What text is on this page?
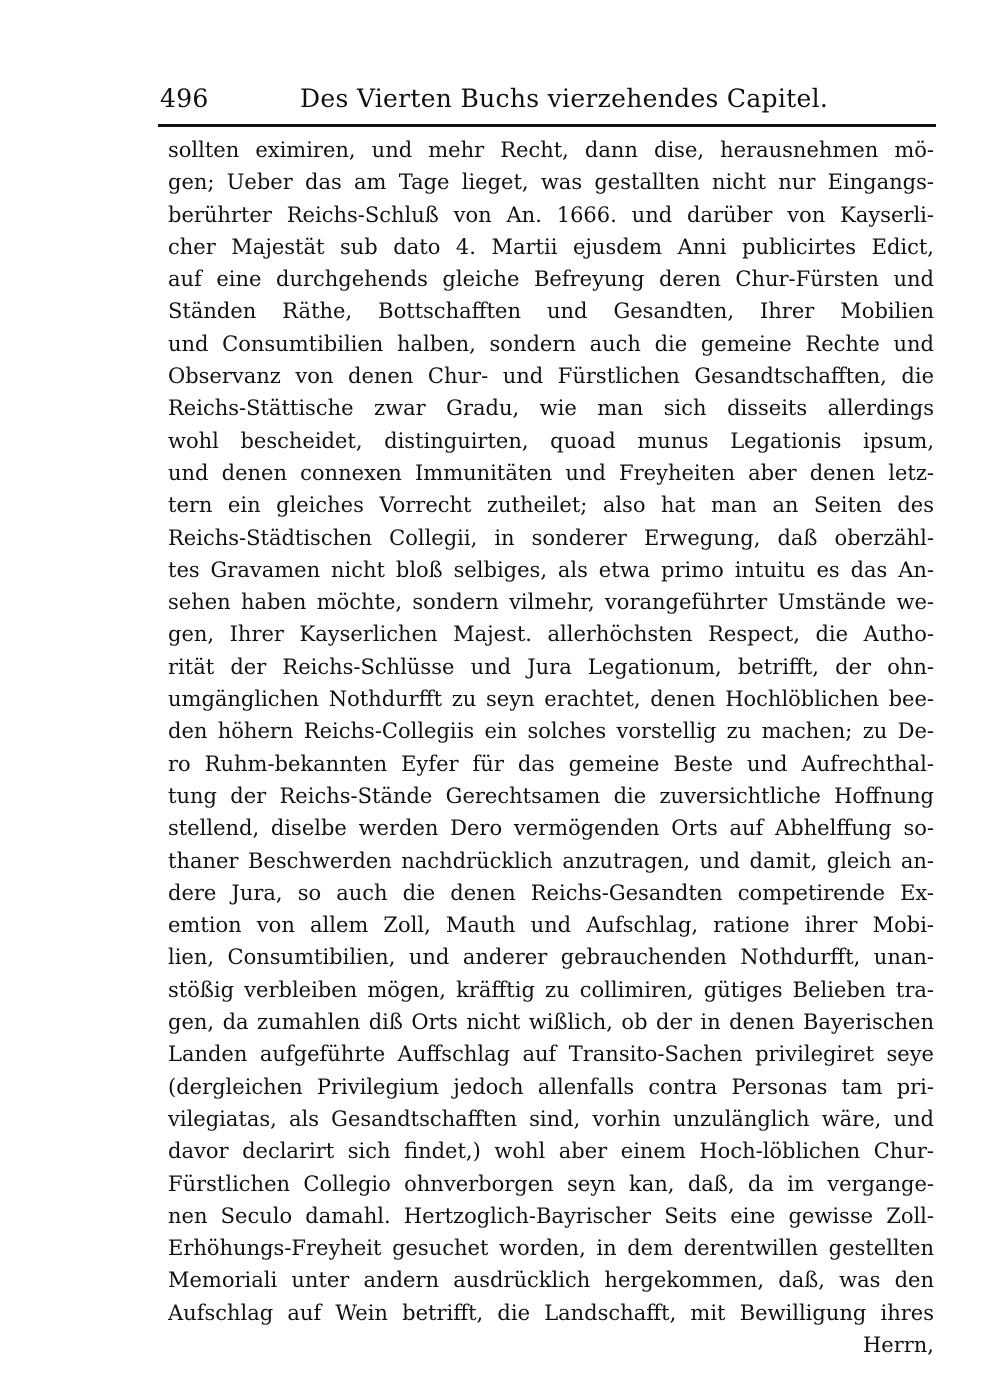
496	Des Vierten Buchs vierzehendes Capitel.
sollten eximiren, und mehr Recht, dann dise, herausnehmen mö-
gen; Ueber das am Tage lieget, was gestallten nicht nur Eingangs-
berührter Reichs-Schluß von An. 1666. und darüber von Kayserli-
cher Majestät sub dato 4. Martii ejusdem Anni publicirtes Edict,
auf eine durchgehends gleiche Befreyung deren Chur-Fürsten und
Ständen Räthe, Bottschafften und Gesandten, Ihrer Mobilien
und Consumtibilien halben, sondern auch die gemeine Rechte und
Observanz von denen Chur- und Fürstlichen Gesandtschafften, die
Reichs-Stättische zwar Gradu, wie man sich disseits allerdings
wohl bescheidet, distinguirten, quoad munus Legationis ipsum,
und denen connexen Immunitäten und Freyheiten aber denen letz-
tern ein gleiches Vorrecht zutheilet; also hat man an Seiten des
Reichs-Städtischen Collegii, in sonderer Erwegung, daß oberzähl-
tes Gravamen nicht bloß selbiges, als etwa primo intuitu es das An-
sehen haben möchte, sondern vilmehr, vorangeführter Umstände we-
gen, Ihrer Kayserlichen Majest. allerhöchsten Respect, die Autho-
rität der Reichs-Schlüsse und Jura Legationum, betrifft, der ohn-
umgänglichen Nothdurfft zu seyn erachtet, denen Hochlöblichen bee-
den höhern Reichs-Collegiis ein solches vorstellig zu machen; zu De-
ro Ruhm-bekannten Eyfer für das gemeine Beste und Aufrechthal-
tung der Reichs-Stände Gerechtsamen die zuversichtliche Hoffnung
stellend, diselbe werden Dero vermögenden Orts auf Abhelffung so-
thaner Beschwerden nachdrücklich anzutragen, und damit, gleich an-
dere Jura, so auch die denen Reichs-Gesandten competirende Ex-
emtion von allem Zoll, Mauth und Aufschlag, ratione ihrer Mobi-
lien, Consumtibilien, und anderer gebrauchenden Nothdurfft, unan-
stößig verbleiben mögen, kräfftig zu collimiren, gütiges Belieben tra-
gen, da zumahlen diß Orts nicht wißlich, ob der in denen Bayerischen
Landen aufgeführte Auffschlag auf Transito-Sachen privilegiret seye
(dergleichen Privilegium jedoch allenfalls contra Personas tam pri-
vilegiatas, als Gesandtschafften sind, vorhin unzulänglich wäre, und
davor declarirt sich findet,) wohl aber einem Hoch-löblichen Chur-
Fürstlichen Collegio ohnverborgen seyn kan, daß, da im vergange-
nen Seculo damahl. Hertzoglich-Bayrischer Seits eine gewisse Zoll-
Erhöhungs-Freyheit gesuchet worden, in dem derentwillen gestellten
Memoriali unter andern ausdrücklich hergekommen, daß, was den
Aufschlag auf Wein betrifft, die Landschafft, mit Bewilligung ihres
Herrn,
